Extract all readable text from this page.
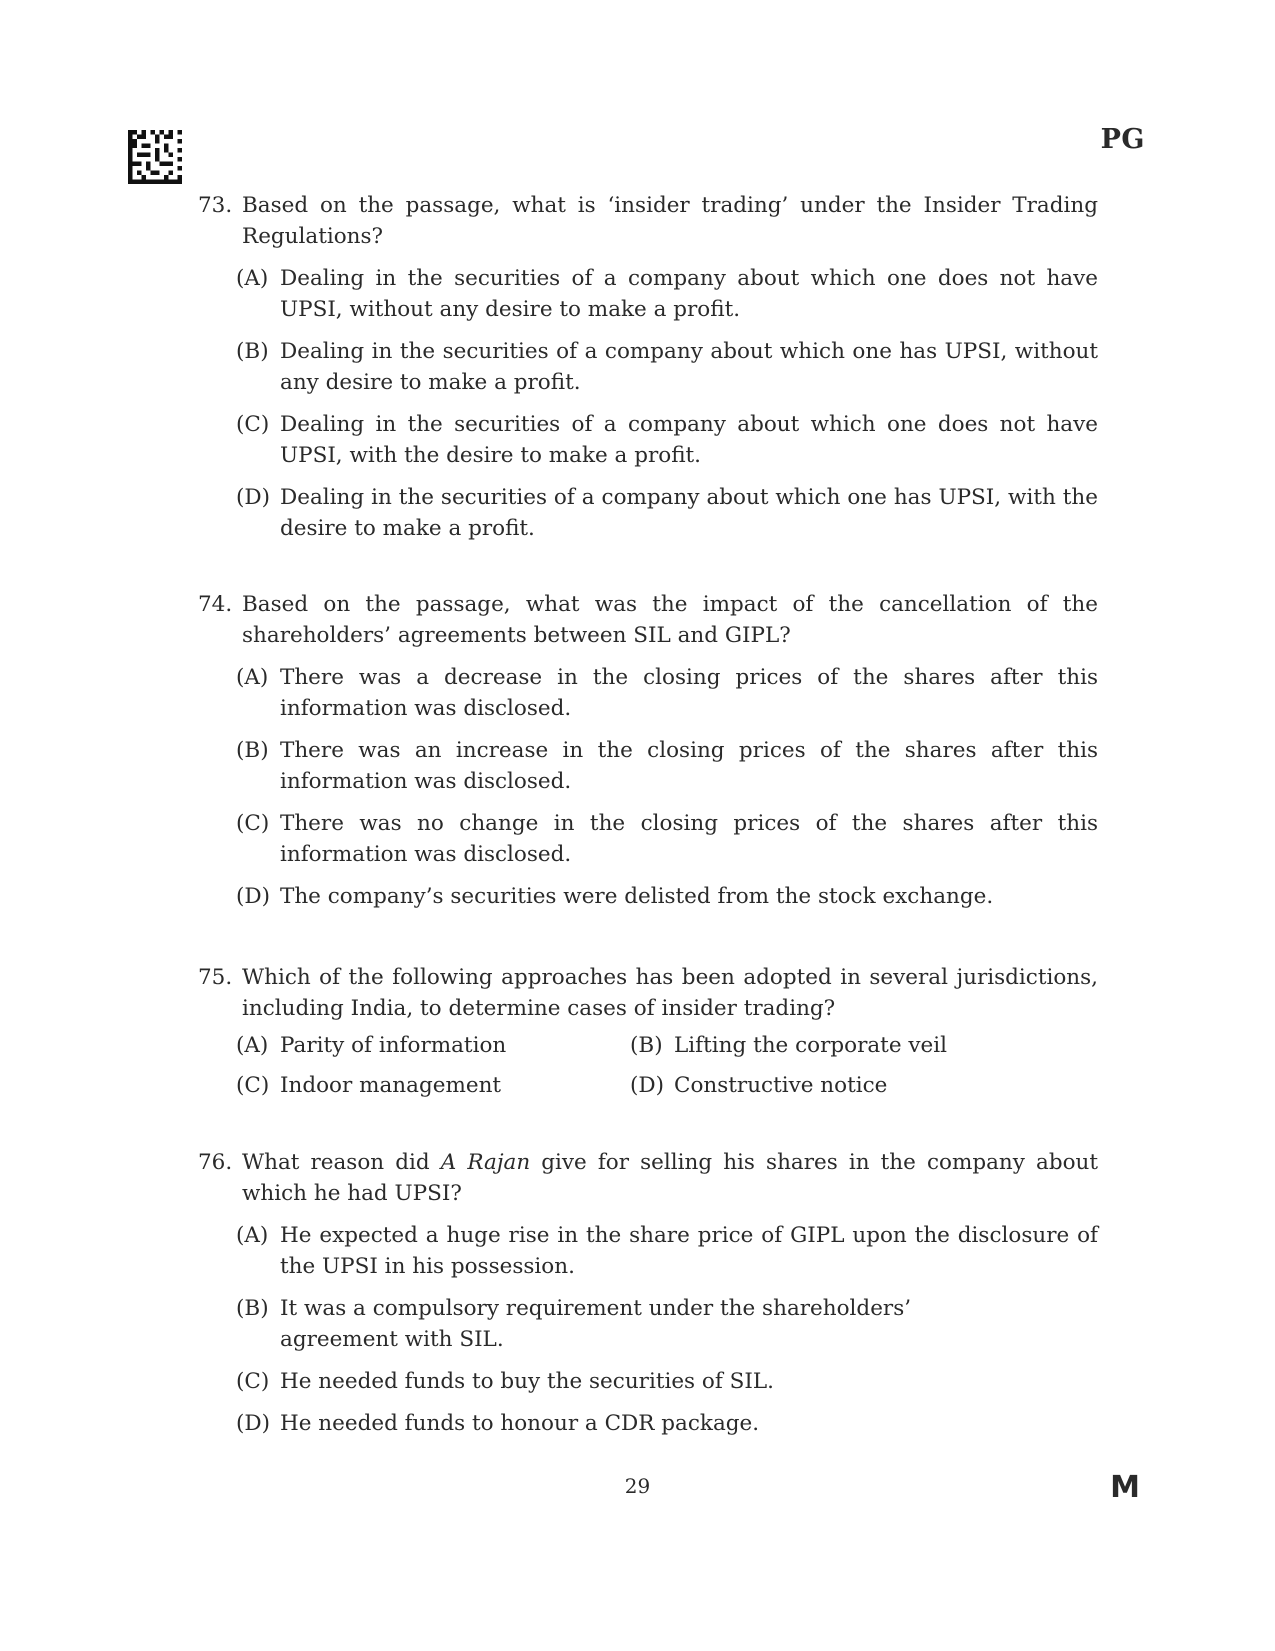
PG
73. Based on the passage, what is ‘insider trading’ under the Insider Trading Regulations?
(A) Dealing in the securities of a company about which one does not have UPSI, without any desire to make a profit.
(B) Dealing in the securities of a company about which one has UPSI, without any desire to make a profit.
(C) Dealing in the securities of a company about which one does not have UPSI, with the desire to make a profit.
(D) Dealing in the securities of a company about which one has UPSI, with the desire to make a profit.
74. Based on the passage, what was the impact of the cancellation of the shareholders’ agreements between SIL and GIPL?
(A) There was a decrease in the closing prices of the shares after this information was disclosed.
(B) There was an increase in the closing prices of the shares after this information was disclosed.
(C) There was no change in the closing prices of the shares after this information was disclosed.
(D) The company’s securities were delisted from the stock exchange.
75. Which of the following approaches has been adopted in several jurisdictions, including India, to determine cases of insider trading?
(A) Parity of information	(B) Lifting the corporate veil
(C) Indoor management	(D) Constructive notice
76. What reason did A Rajan give for selling his shares in the company about which he had UPSI?
(A) He expected a huge rise in the share price of GIPL upon the disclosure of the UPSI in his possession.
(B) It was a compulsory requirement under the shareholders’ agreement with SIL.
(C) He needed funds to buy the securities of SIL.
(D) He needed funds to honour a CDR package.
29	M
